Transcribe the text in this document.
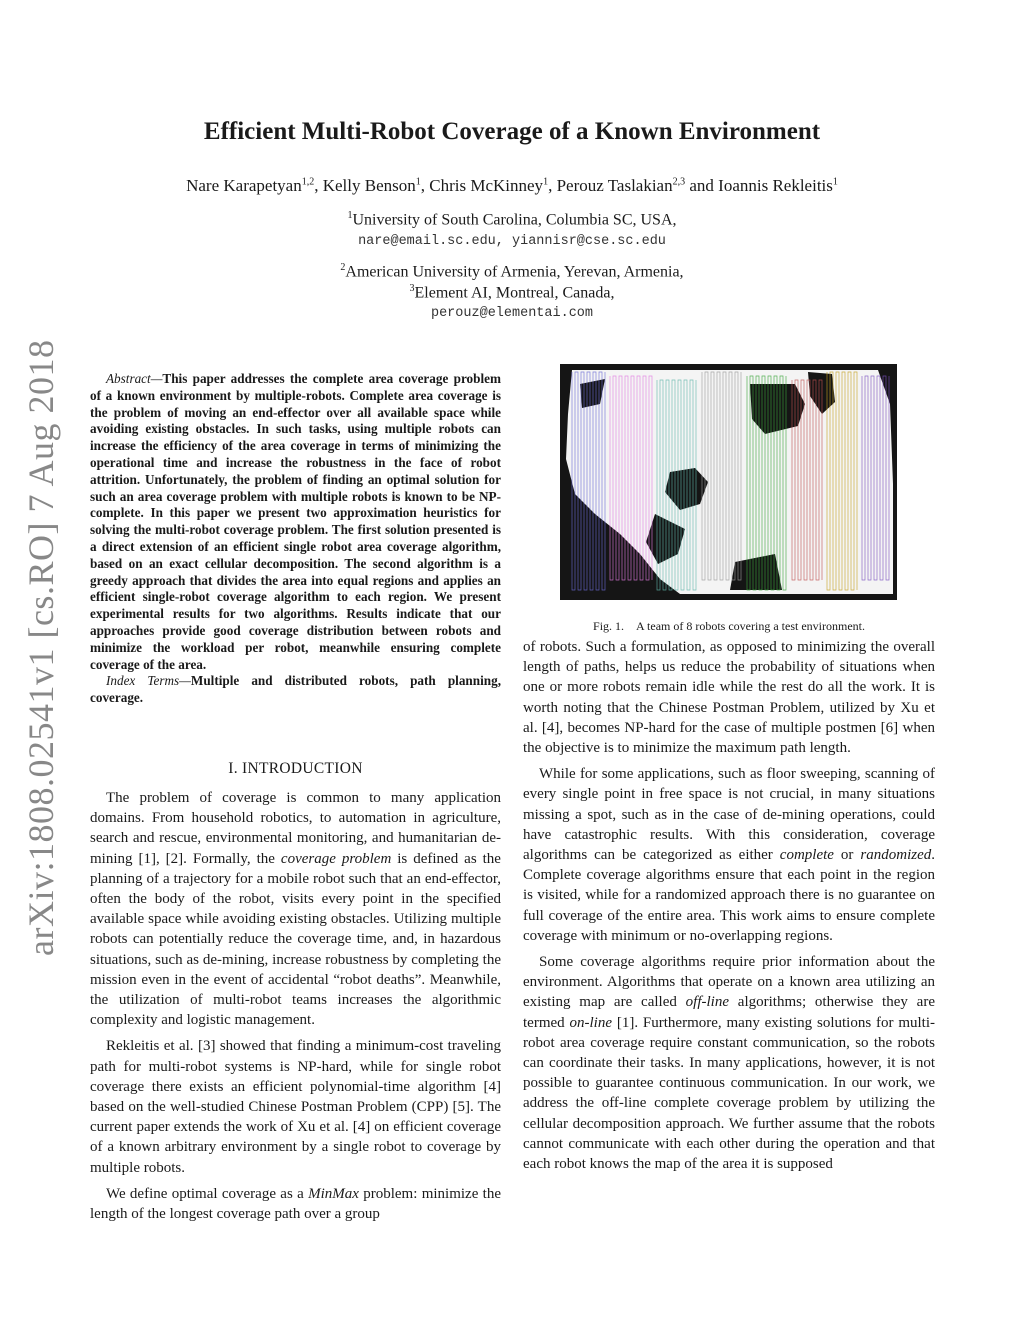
Efficient Multi-Robot Coverage of a Known Environment
Nare Karapetyan$^{1,2}$, Kelly Benson$^1$, Chris McKinney$^1$, Perouz Taslakian$^{2,3}$ and Ioannis Rekleitis$^1$
$^1$University of South Carolina, Columbia SC, USA,
nare@email.sc.edu, yiannisr@cse.sc.edu
$^2$American University of Armenia, Yerevan, Armenia,
$^3$Element AI, Montreal, Canada,
perouz@elementai.com
arXiv:1808.02541v1 [cs.RO] 7 Aug 2018	Abstract—This paper addresses the complete area coverage problem of a known environment by multiple-robots. Complete area coverage is the problem of moving an end-effector over all available space while avoiding existing obstacles. In such tasks, using multiple robots can increase the efficiency of the area coverage in terms of minimizing the operational time and increase the robustness in the face of robot attrition. Unfortunately, the problem of finding an optimal solution for such an area coverage problem with multiple robots is known to be NP-complete. In this paper we present two approximation heuristics for solving the multi-robot coverage problem. The first solution presented is a direct extension of an efficient single robot area coverage algorithm, based on an exact cellular decomposition. The second algorithm is a greedy approach that divides the area into equal regions and applies an efficient single-robot coverage algorithm to each region. We present experimental results for two algorithms. Results indicate that our approaches provide good coverage distribution between robots and minimize the workload per robot, meanwhile ensuring complete coverage of the area.

Index Terms—Multiple and distributed robots, path planning, coverage.

I. INTRODUCTION

The problem of coverage is common to many application domains. From household robotics, to automation in agriculture, search and rescue, environmental monitoring, and humanitarian de-mining [1], [2]. Formally, the coverage problem is defined as the planning of a trajectory for a mobile robot such that an end-effector, often the body of the robot, visits every point in the specified available space while avoiding existing obstacles. Utilizing multiple robots can potentially reduce the coverage time, and, in hazardous situations, such as de-mining, increase robustness by completing the mission even in the event of accidental “robot deaths”. Meanwhile, the utilization of multi-robot teams increases the algorithmic complexity and logistic management.

Rekleitis et al. [3] showed that finding a minimum-cost traveling path for multi-robot systems is NP-hard, while for single robot coverage there exists an efficient polynomial-time algorithm [4] based on the well-studied Chinese Postman Problem (CPP) [5]. The current paper extends the work of Xu et al. [4] on efficient coverage of a known arbitrary environment by a single robot to coverage by multiple robots.

We define optimal coverage as a MinMax problem: minimize the length of the longest coverage path over a group

Fig. 1. A team of 8 robots covering a test environment.

of robots. Such a formulation, as opposed to minimizing the overall length of paths, helps us reduce the probability of situations when one or more robots remain idle while the rest do all the work. It is worth noting that the Chinese Postman Problem, utilized by Xu et al. [4], becomes NP-hard for the case of multiple postmen [6] when the objective is to minimize the maximum path length.

While for some applications, such as floor sweeping, scanning of every single point in free space is not crucial, in many situations missing a spot, such as in the case of de-mining operations, could have catastrophic results. With this consideration, coverage algorithms can be categorized as either complete or randomized. Complete coverage algorithms ensure that each point in the region is visited, while for a randomized approach there is no guarantee on full coverage of the entire area. This work aims to ensure complete coverage with minimum or no-overlapping regions.

Some coverage algorithms require prior information about the environment. Algorithms that operate on a known area utilizing an existing map are called off-line algorithms; otherwise they are termed on-line [1]. Furthermore, many existing solutions for multi-robot area coverage require constant communication, so the robots can coordinate their tasks. In many applications, however, it is not possible to guarantee continuous communication. In our work, we address the off-line complete coverage problem by utilizing the cellular decomposition approach. We further assume that the robots cannot communicate with each other during the operation and that each robot knows the map of the area it is supposed
